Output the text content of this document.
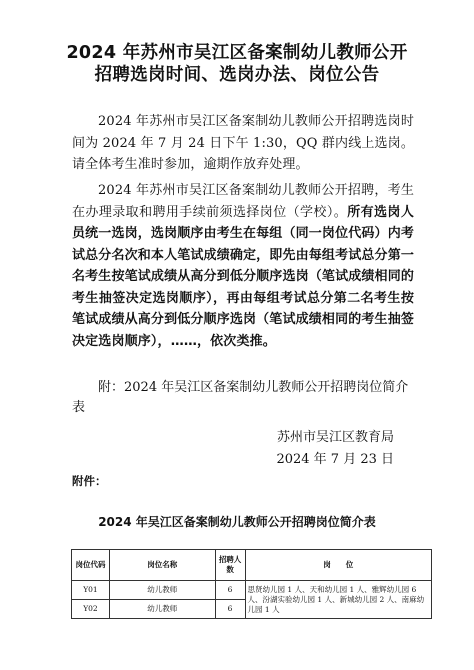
2024 年苏州市吴江区备案制幼儿教师公开
招聘选岗时间、选岗办法、岗位公告
2024 年苏州市吴江区备案制幼儿教师公开招聘选岗时间为 2024 年 7 月 24 日下午 1:30，QQ 群内线上选岗。请全体考生准时参加，逾期作放弃处理。
2024 年苏州市吴江区备案制幼儿教师公开招聘，考生在办理录取和聘用手续前须选择岗位（学校）。所有选岗人员统一选岗，选岗顺序由考生在每组（同一岗位代码）内考试总分名次和本人笔试成绩确定，即先由每组考试总分第一名考生按笔试成绩从高分到低分顺序选岗（笔试成绩相同的考生抽签决定选岗顺序），再由每组考试总分第二名考生按笔试成绩从高分到低分顺序选岗（笔试成绩相同的考生抽签决定选岗顺序），……，依次类推。
附：2024 年吴江区备案制幼儿教师公开招聘岗位简介表
苏州市吴江区教育局
2024 年 7 月 23 日
附件：
2024 年吴江区备案制幼儿教师公开招聘岗位简介表
岗位代码	岗位名称	招聘人数	岗　　位
Y01	幼儿教师	6	思贤幼儿园 1 人、天和幼儿园 1 人、雅辉幼儿园 6 人、汾湖实验幼儿园 1 人、新城幼儿园 2 人、南麻幼儿园 1 人
Y02	幼儿教师	6	
